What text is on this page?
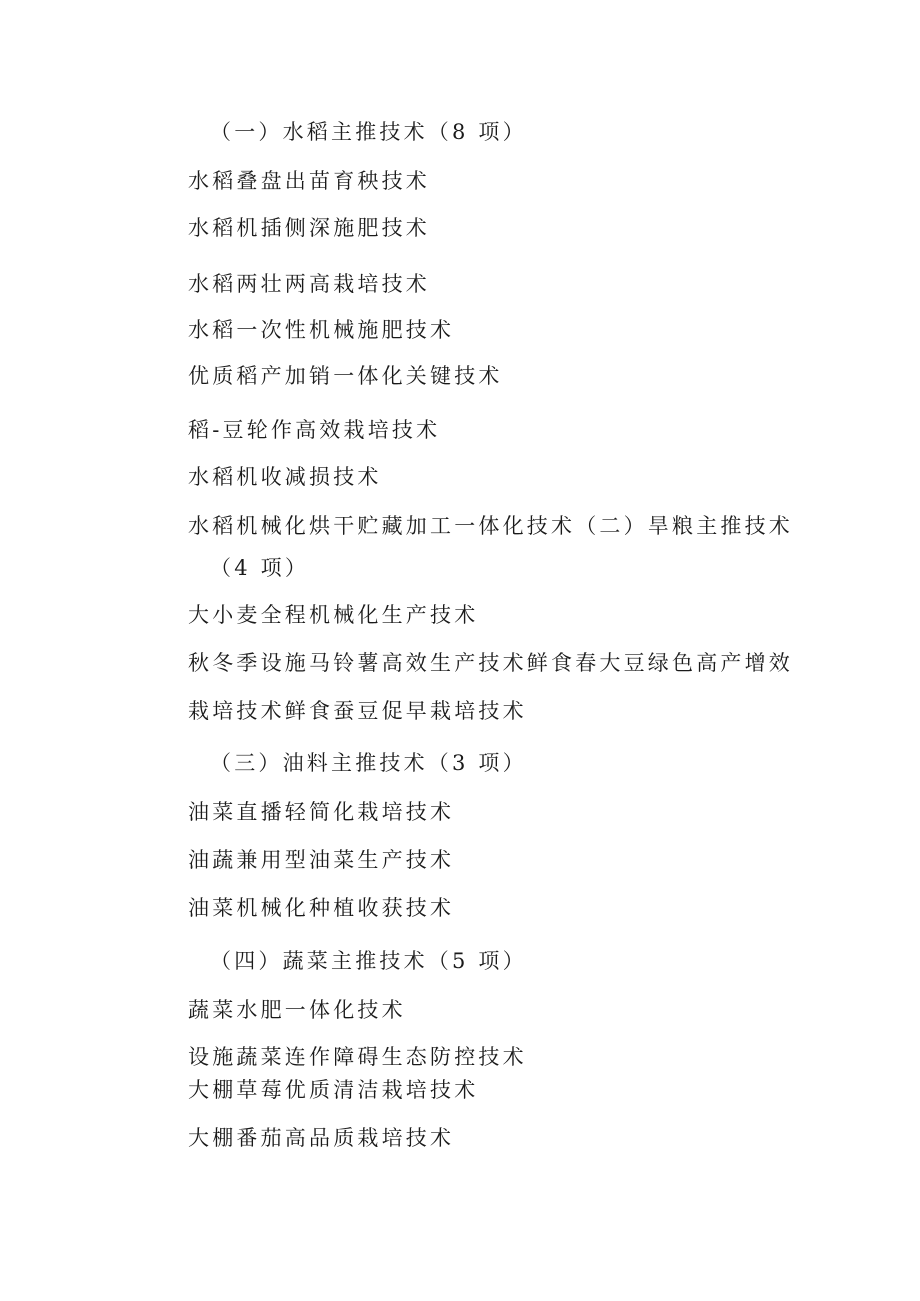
（一）水稻主推技术（8 项）
水稻叠盘出苗育秧技术
水稻机插侧深施肥技术
水稻两壮两高栽培技术
水稻一次性机械施肥技术
优质稻产加销一体化关键技术
稻-豆轮作高效栽培技术
水稻机收减损技术
水稻机械化烘干贮藏加工一体化技术（二）旱粮主推技术
（4 项）
大小麦全程机械化生产技术
秋冬季设施马铃薯高效生产技术鲜食春大豆绿色高产增效
栽培技术鲜食蚕豆促早栽培技术
（三）油料主推技术（3 项）
油菜直播轻简化栽培技术
油蔬兼用型油菜生产技术
油菜机械化种植收获技术
（四）蔬菜主推技术（5 项）
蔬菜水肥一体化技术
设施蔬菜连作障碍生态防控技术
大棚草莓优质清洁栽培技术
大棚番茄高品质栽培技术
